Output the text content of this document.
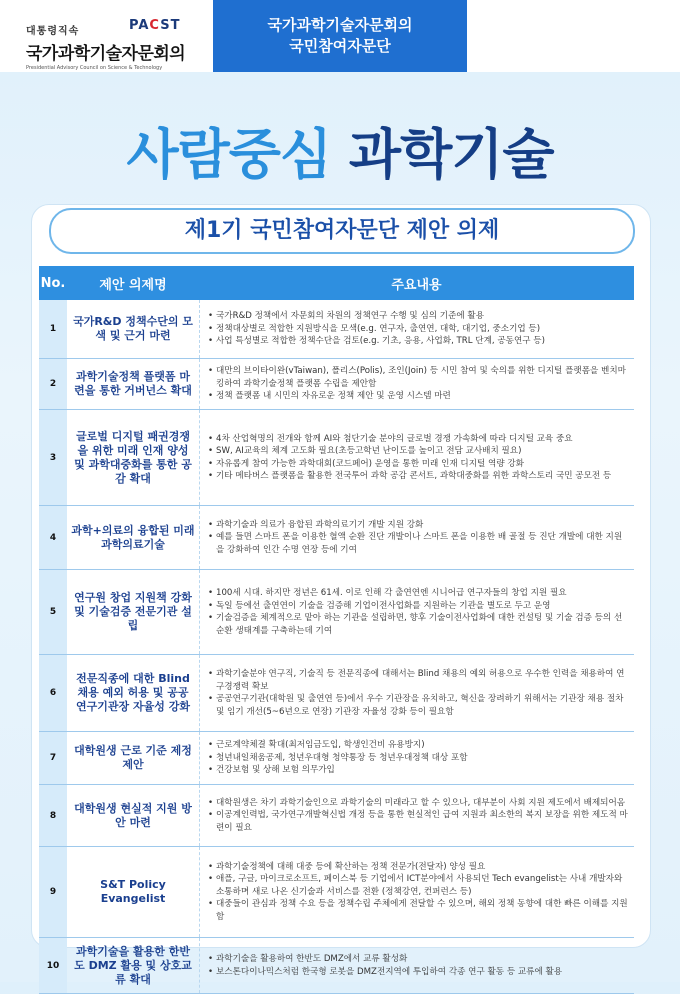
대통령직속	PACST
국가과학기술자문회의
Presidential Advisory Council on Science & Technology
국가과학기술자문회의
국민참여자문단
사람중심 과학기술
제1기 국민참여자문단 제안 의제
No.	제안 의제명	주요내용
1
국가R&D 정책수단의 모색 및 근거 마련
• 국가R&D 정책에서 자문회의 차원의 정책연구 수행 및 심의 기준에 활용
• 정책대상별로 적합한 지원방식을 모색(e.g. 연구자, 출연연, 대학, 대기업, 중소기업 등)
• 사업 특성별로 적합한 정책수단을 검토(e.g. 기초, 응용, 사업화, TRL 단계, 공동연구 등)
2
과학기술정책 플랫폼 마련을 통한 거버넌스 확대
• 대만의 브이타이완(vTaiwan), 폴리스(Polis), 조인(Join) 등 시민 참여 및 숙의를 위한 디지털 플랫폼을 벤치마킹하여 과학기술정책 플랫폼 수립을 제안함
• 정책 플랫폼 내 시민의 자유로운 정책 제안 및 운영 시스템 마련
3
글로벌 디지털 패권경쟁을 위한 미래 인재 양성 및 과학대중화를 통한 공감 확대
• 4차 산업혁명의 전개와 함께 AI와 첨단기술 분야의 글로벌 경쟁 가속화에 따라 디지털 교육 중요
• SW, AI교육의 체계 고도화 필요(초등고학년 난이도를 높이고 전담 교사배치 필요)
• 자유롭게 참여 가능한 과학대회(코드페어) 운영을 통한 미래 인재 디지털 역량 강화
• 기타 메타버스 플랫폼을 활용한 전국투어 과학 공감 콘서트, 과학대중화를 위한 과학스토리 국민 공모전 등
4
과학+의료의 융합된 미래 과학의료기술
• 과학기술과 의료가 융합된 과학의료기기 개발 지원 강화
• 예를 들면 스마트 폰을 이용한 혈액 순환 진단 개발이나 스마트 폰을 이용한 배 골절 등 진단 개발에 대한 지원을 강화하여 인간 수명 연장 등에 기여
5
연구원 창업 지원책 강화 및 기술검증 전문기관 설립
• 100세 시대. 하지만 정년은 61세. 이로 인해 각 출연연엔 시니어급 연구자들의 창업 지원 필요
• 독일 등에선 출연연이 기술을 검증해 기업이전사업화를 지원하는 기관을 별도로 두고 운영
• 기술검증을 체계적으로 맡아 하는 기관을 설립하면, 향후 기술이전사업화에 대한 컨설팅 및 기술 검증 등의 선순환 생태계를 구축하는데 기여
6
전문직종에 대한 Blind 채용 예외 허용 및 공공 연구기관장 자율성 강화
• 과학기술분야 연구직, 기술직 등 전문직종에 대해서는 Blind 채용의 예외 허용으로 우수한 인력을 채용하여 연구경쟁력 확보
• 공공연구기관(대학원 및 출연연 등)에서 우수 기관장을 유치하고, 혁신을 장려하기 위해서는 기관장 채용 절차 및 임기 개선(5~6년으로 연장) 기관장 자율성 강화 등이 필요함
7
대학원생 근로 기준 제정 제안
• 근로계약체결 확대(최저임금도입, 학생인건비 유용방지)
• 청년내일채움공제, 청년우대형 청약통장 등 청년우대정책 대상 포함
• 건강보험 및 상해 보험 의무가입
8
대학원생 현실적 지원 방안 마련
• 대학원생은 차기 과학기술인으로 과학기술의 미래라고 할 수 있으나, 대부분이 사회 지원 제도에서 배제되어옴
• 이공계인력법, 국가연구개발혁신법 개정 등을 통한 현실적인 급여 지원과 최소한의 복지 보장을 위한 제도적 마련이 필요
9
S&T Policy Evangelist
• 과학기술정책에 대해 대중 등에 확산하는 정책 전문가(전달자) 양성 필요
• 애플, 구글, 마이크로소프트, 페이스북 등 기업에서 ICT분야에서 사용되던 Tech evangelist는 사내 개발자와 소통하며 새로 나온 신기술과 서비스를 전환 (정책강연, 컨퍼런스 등)
• 대중들이 관심과 정책 수요 등을 정책수립 주체에게 전달할 수 있으며, 해외 정책 동향에 대한 빠른 이해를 지원함
10
과학기술을 활용한 한반도 DMZ 활용 및 상호교류 확대
• 과학기술을 활용하여 한반도 DMZ에서 교류 활성화
• 보스톤다이나믹스처럼 한국형 로봇을 DMZ전지역에 투입하여 각종 연구 활동 등 교류에 활용
